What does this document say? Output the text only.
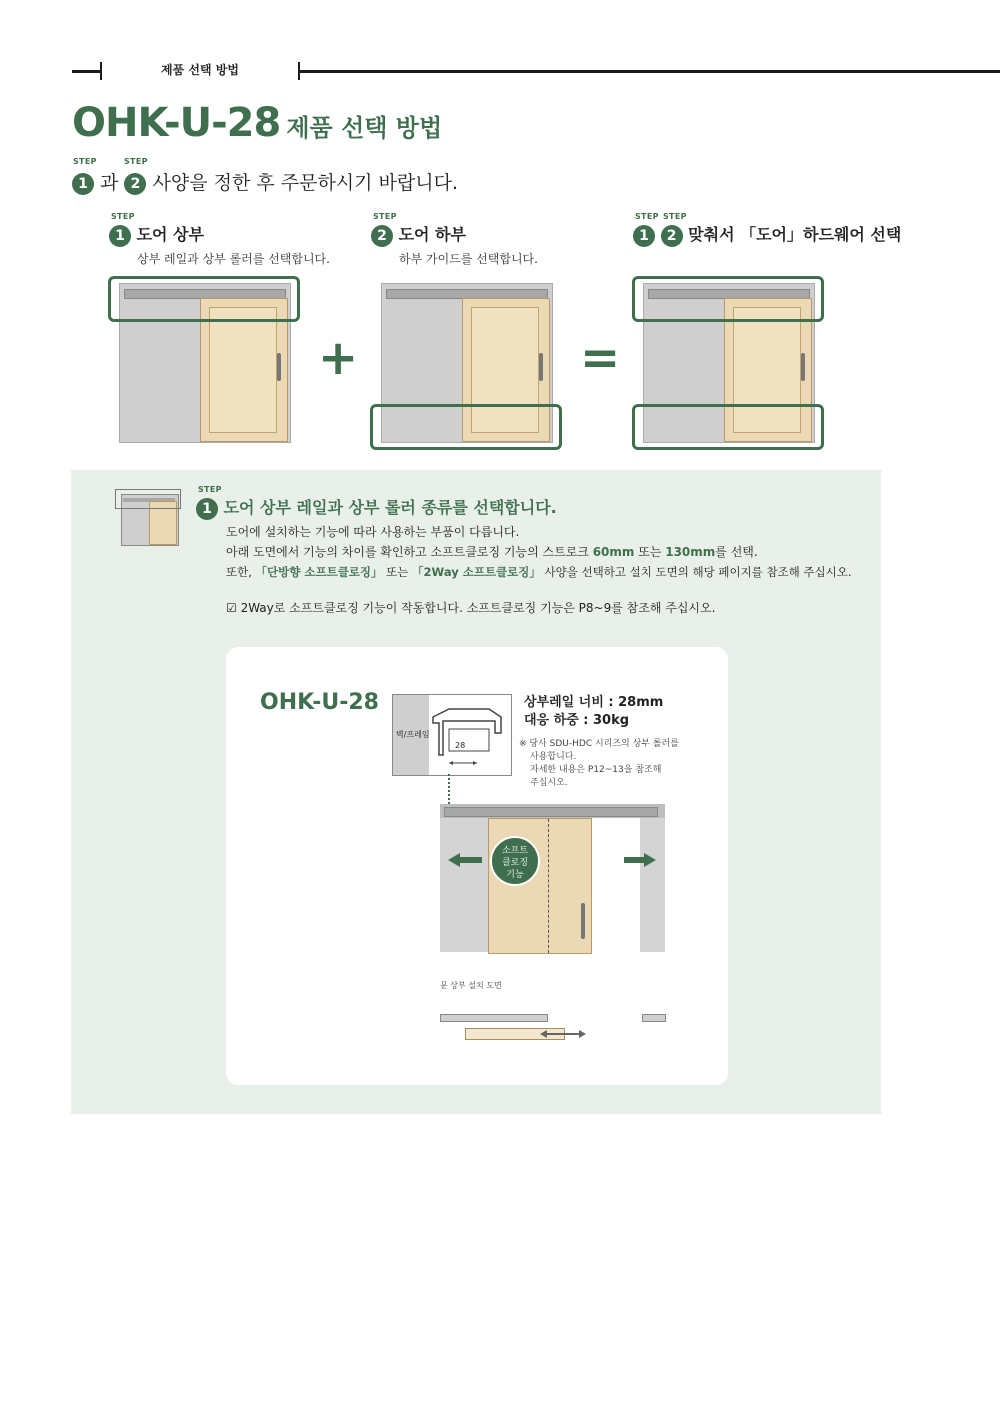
제품 선택 방법
OHK-U-28 제품 선택 방법
STEP	STEP
1 과 2 사양을 정한 후 주문하시기 바랍니다.
STEP
1 도어 상부
상부 레일과 상부 롤러를 선택합니다.
STEP
2 도어 하부
하부 가이드를 선택합니다.
STEP STEP
1 2 맞춰서 「도어」하드웨어 선택
+	=
STEP
1 도어 상부 레일과 상부 롤러 종류를 선택합니다.
도어에 설치하는 기능에 따라 사용하는 부품이 다릅니다.
아래 도면에서 기능의 차이를 확인하고 소프트클로징 기능의 스트로크 60mm 또는 130mm를 선택.
또한, 「단방향 소프트클로징」 또는 「2Way 소프트클로징」 사양을 선택하고 설치 도면의 해당 페이지를 참조해 주십시오.
☑ 2Way로 소프트클로징 기능이 작동합니다. 소프트클로징 기능은 P8~9를 참조해 주십시오.
OHK-U-28
벽/프레임
28
상부레일 너비 : 28mm
대응 하중 : 30kg
※ 당사 SDU-HDC 시리즈의 상부 롤러를
사용합니다.
자세한 내용은 P12~13을 참조해
주십시오.
소프트
클로징
기능
문 상부 설치 도면
